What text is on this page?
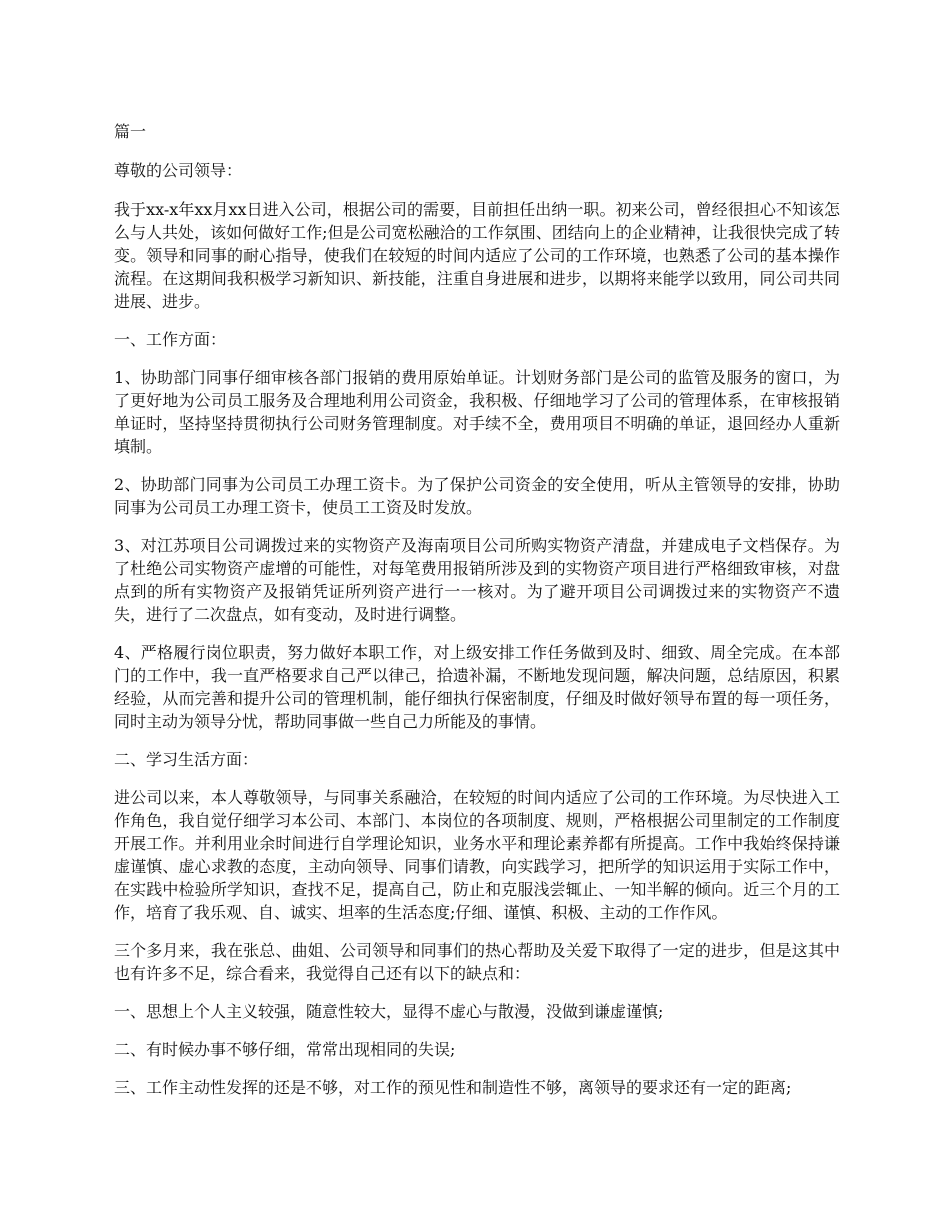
篇一

尊敬的公司领导：

我于xx-x年xx月xx日进入公司，根据公司的需要，目前担任出纳一职。初来公司，曾经很担心不知该怎么与人共处，该如何做好工作;但是公司宽松融洽的工作氛围、团结向上的企业精神，让我很快完成了转变。领导和同事的耐心指导，使我们在较短的时间内适应了公司的工作环境，也熟悉了公司的基本操作流程。在这期间我积极学习新知识、新技能，注重自身进展和进步，以期将来能学以致用，同公司共同进展、进步。

一、工作方面：

1、协助部门同事仔细审核各部门报销的费用原始单证。计划财务部门是公司的监管及服务的窗口，为了更好地为公司员工服务及合理地利用公司资金，我积极、仔细地学习了公司的管理体系，在审核报销单证时，坚持坚持贯彻执行公司财务管理制度。对手续不全，费用项目不明确的单证，退回经办人重新填制。

2、协助部门同事为公司员工办理工资卡。为了保护公司资金的安全使用，听从主管领导的安排，协助同事为公司员工办理工资卡，使员工工资及时发放。

3、对江苏项目公司调拨过来的实物资产及海南项目公司所购实物资产清盘，并建成电子文档保存。为了杜绝公司实物资产虚增的可能性，对每笔费用报销所涉及到的实物资产项目进行严格细致审核，对盘点到的所有实物资产及报销凭证所列资产进行一一核对。为了避开项目公司调拨过来的实物资产不遗失，进行了二次盘点，如有变动，及时进行调整。

4、严格履行岗位职责，努力做好本职工作，对上级安排工作任务做到及时、细致、周全完成。在本部门的工作中，我一直严格要求自己严以律己，拾遗补漏，不断地发现问题，解决问题，总结原因，积累经验，从而完善和提升公司的管理机制，能仔细执行保密制度，仔细及时做好领导布置的每一项任务，同时主动为领导分忧，帮助同事做一些自己力所能及的事情。

二、学习生活方面：

进公司以来，本人尊敬领导，与同事关系融洽，在较短的时间内适应了公司的工作环境。为尽快进入工作角色，我自觉仔细学习本公司、本部门、本岗位的各项制度、规则，严格根据公司里制定的工作制度开展工作。并利用业余时间进行自学理论知识，业务水平和理论素养都有所提高。工作中我始终保持谦虚谨慎、虚心求教的态度，主动向领导、同事们请教，向实践学习，把所学的知识运用于实际工作中，在实践中检验所学知识，查找不足，提高自己，防止和克服浅尝辄止、一知半解的倾向。近三个月的工作，培育了我乐观、自、诚实、坦率的生活态度;仔细、谨慎、积极、主动的工作作风。

三个多月来，我在张总、曲姐、公司领导和同事们的热心帮助及关爱下取得了一定的进步，但是这其中也有许多不足，综合看来，我觉得自己还有以下的缺点和：

一、思想上个人主义较强，随意性较大，显得不虚心与散漫，没做到谦虚谨慎;

二、有时候办事不够仔细，常常出现相同的失误;

三、工作主动性发挥的还是不够，对工作的预见性和制造性不够，离领导的要求还有一定的距离;
